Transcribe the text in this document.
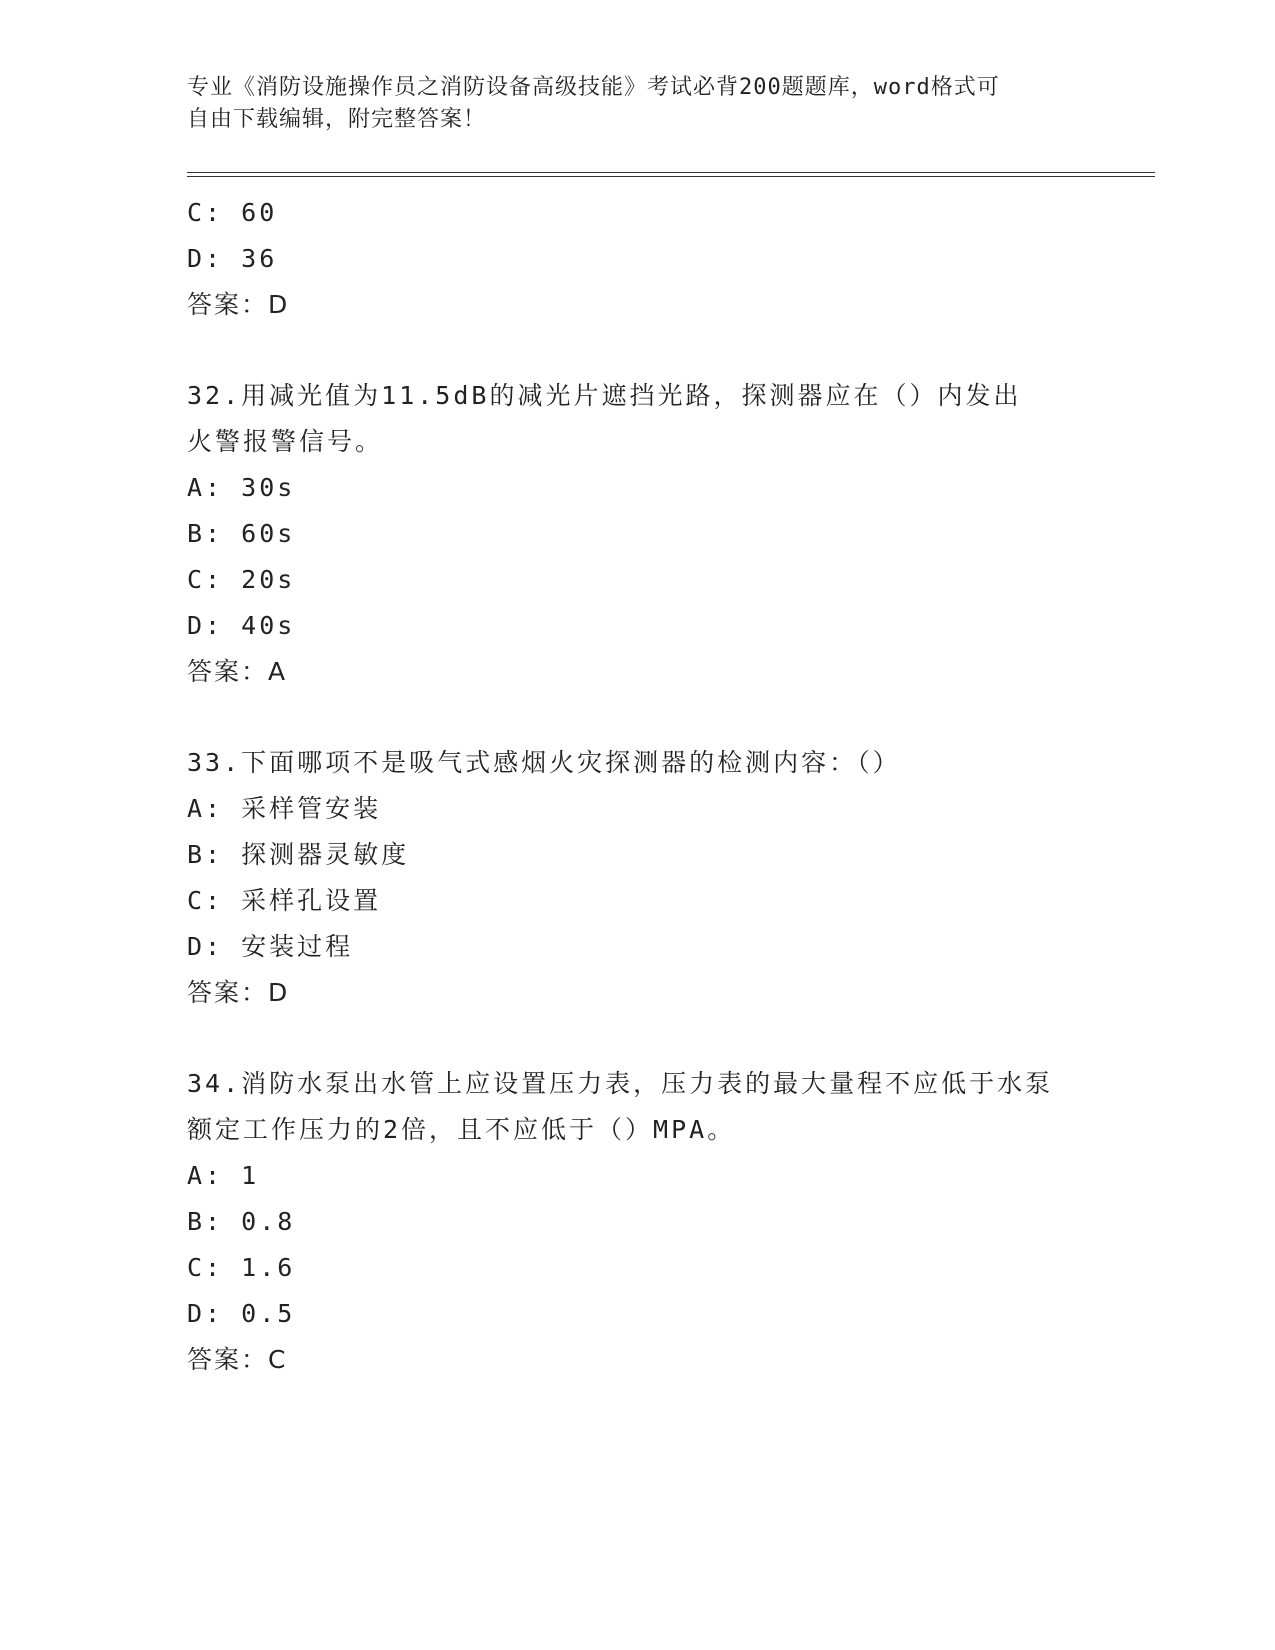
专业《消防设施操作员之消防设备高级技能》考试必背200题题库，word格式可
自由下载编辑，附完整答案！
C: 60
D: 36
答案：D
32.用减光值为11.5dB的减光片遮挡光路，探测器应在（）内发出火警报警信号。
A: 30s
B: 60s
C: 20s
D: 40s
答案：A
33.下面哪项不是吸气式感烟火灾探测器的检测内容：（）
A: 采样管安装
B: 探测器灵敏度
C: 采样孔设置
D: 安装过程
答案：D
34.消防水泵出水管上应设置压力表，压力表的最大量程不应低于水泵额定工作压力的2倍，且不应低于（）MPA。
A: 1
B: 0.8
C: 1.6
D: 0.5
答案：C
